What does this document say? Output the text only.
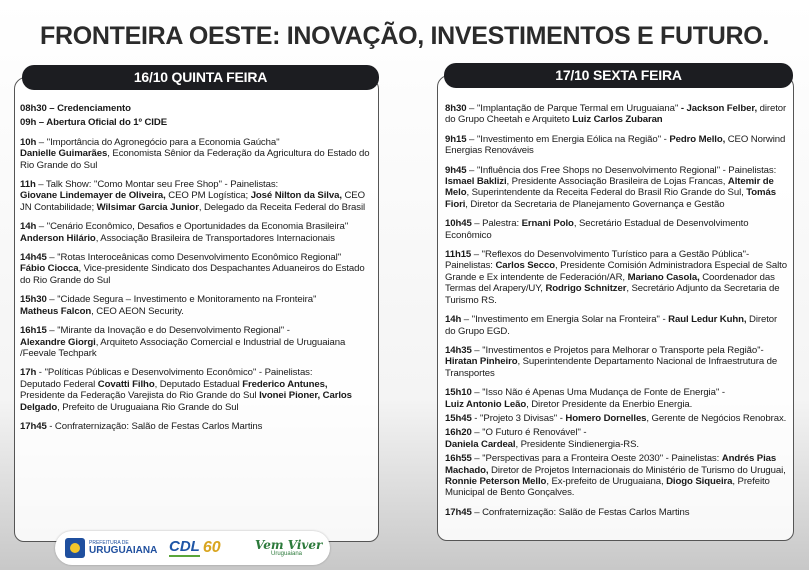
FRONTEIRA OESTE: INOVAÇÃO, INVESTIMENTOS E FUTURO.
16/10 QUINTA FEIRA
08h30 – Credenciamento
09h – Abertura Oficial do 1º CIDE
10h – ''Importância do Agronegócio para a Economia Gaúcha''
Danielle Guimarães, Economista Sênior da Federação da Agricultura do Estado do Rio Grande do Sul
11h – Talk Show: ''Como Montar seu Free Shop'' - Painelistas:
Giovane Lindemayer de Oliveira, CEO PM Logística; José Nilton da Silva, CEO JN Contabilidade; Wilsimar Garcia Junior, Delegado da Receita Federal do Brasil
14h – ''Cenário Econômico, Desafios e Oportunidades da Economia Brasileira''
Anderson Hilário, Associação Brasileira de Transportadores Internacionais
14h45 – ''Rotas Interoceânicas como Desenvolvimento Econômico Regional''
Fábio Ciocca, Vice-presidente Sindicato dos Despachantes Aduaneiros do Estado do Rio Grande do Sul
15h30 – ''Cidade Segura – Investimento e Monitoramento na Fronteira''
Matheus Falcon, CEO AEON Security.
16h15 – ''Mirante da Inovação e do Desenvolvimento Regional'' -
Alexandre Giorgi, Arquiteto Associação Comercial e Industrial de Uruguaiana /Feevale Techpark
17h - ''Políticas Públicas e Desenvolvimento Econômico'' - Painelistas:
Deputado Federal Covatti Filho, Deputado Estadual Frederico Antunes, Presidente da Federação Varejista do Rio Grande do Sul Ivonei Pioner, Carlos Delgado, Prefeito de Uruguaiana Rio Grande do Sul
17h45 - Confraternização: Salão de Festas Carlos Martins
17/10 SEXTA FEIRA
8h30 – ''Implantação de Parque Termal em Uruguaiana'' - Jackson Felber, diretor do Grupo Cheetah e Arquiteto Luiz Carlos Zubaran
9h15 – ''Investimento em Energia Eólica na Região'' - Pedro Mello, CEO Norwind Energias Renováveis
9h45 – ''Influência dos Free Shops no Desenvolvimento Regional'' - Painelistas: Ismael Baklizi, Presidente Associação Brasileira de Lojas Francas, Altemir de Melo, Superintendente da Receita Federal do Brasil Rio Grande do Sul, Tomás Fiori, Diretor da Secretaria de Planejamento Governança e Gestão
10h45 – Palestra: Ernani Polo, Secretário Estadual de Desenvolvimento Econômico
11h15 – ''Reflexos do Desenvolvimento Turístico para a Gestão Pública''- Painelistas: Carlos Secco, Presidente Comisión Administradora Especial de Salto Grande e Ex intendente de Federación/AR, Mariano Casola, Coordenador das Termas del Arapery/UY, Rodrigo Schnitzer, Secretário Adjunto da Secretaria de Turismo RS.
14h – ''Investimento em Energia Solar na Fronteira'' - Raul Ledur Kuhn, Diretor do Grupo EGD.
14h35 – ''Investimentos e Projetos para Melhorar o Transporte pela Região''- Hiratan Pinheiro, Superintendente Departamento Nacional de Infraestrutura de Transportes
15h10 – ''Isso Não é Apenas Uma Mudança de Fonte de Energia'' -
Luiz Antonio Leão, Diretor Presidente da Enerbio Energia.
15h45 - ''Projeto 3 Divisas'' - Homero Dornelles, Gerente de Negócios Renobrax.
16h20 – ''O Futuro é Renovável'' -
Daniela Cardeal, Presidente Sindienergia-RS.
16h55 – ''Perspectivas para a Fronteira Oeste 2030'' - Painelistas: Andrés Pias Machado, Diretor de Projetos Internacionais do Ministério de Turismo do Uruguai, Ronnie Peterson Mello, Ex-prefeito de Uruguaiana, Diogo Siqueira, Prefeito Municipal de Bento Gonçalves.
17h45 – Confraternização: Salão de Festas Carlos Martins
PREFEITURA DE
URUGUAIANA CDL 60	Vem Viver
Uruguaiana
